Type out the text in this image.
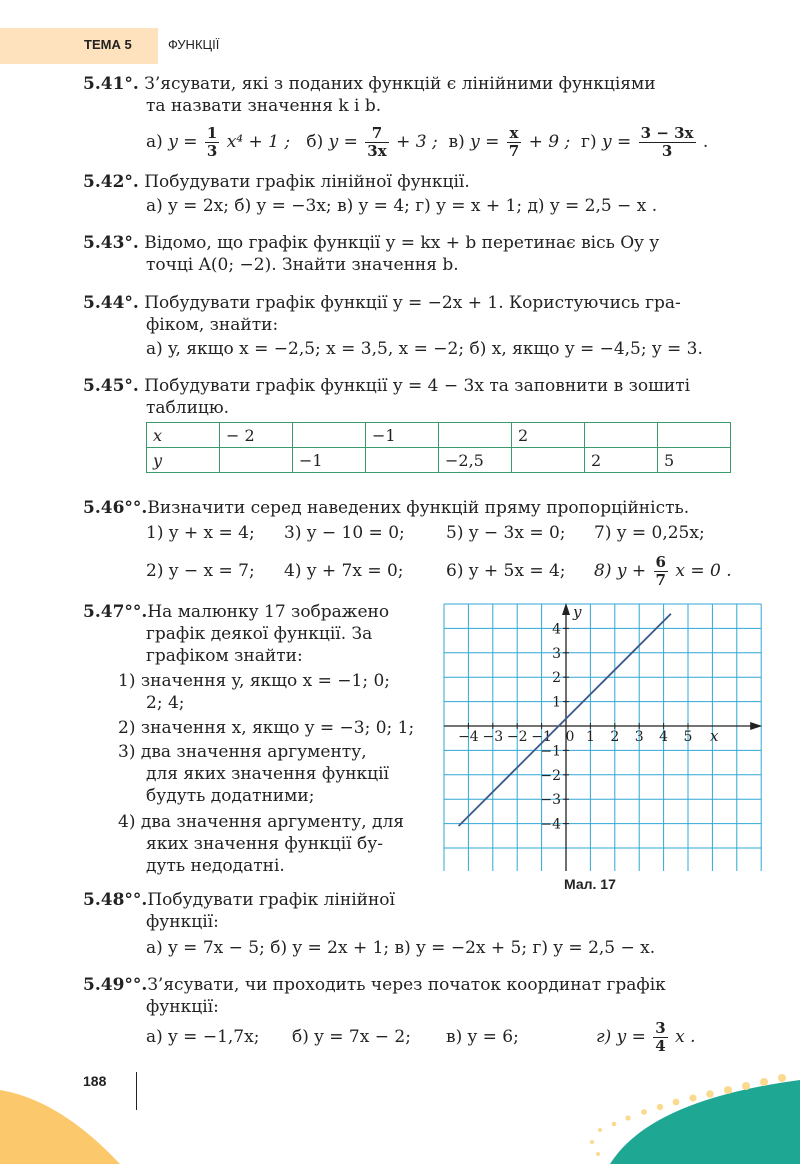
ТЕМА 5	ФУНКЦІЇ
5.41°. З’ясувати, які з поданих функцій є лінійними функціями
та назвати значення k і b.
а) $y = \frac{1}{3} x^4 + 1$ ; б) $y = \frac{7}{3x} + 3$ ; в) $y = \frac{x}{7} + 9$ ; г) $y = \frac{3 - 3x}{3}$ .
5.42°. Побудувати графік лінійної функції.
а) y = 2x; б) y = −3x; в) y = 4; г) y = x + 1; д) y = 2,5 − x .
5.43°. Відомо, що графік функції y = kx + b перетинає вісь Oy у
точці A(0; −2). Знайти значення b.
5.44°. Побудувати графік функції y = −2x + 1. Користуючись гра-
фіком, знайти:
а) y, якщо x = −2,5; x = 3,5, x = −2; б) x, якщо y = −4,5; y = 3.
5.45°. Побудувати графік функції y = 4 − 3x та заповнити в зошиті
таблицю.
x	− 2		−1		2		
y		−1		−2,5		2	5
5.46°°.Визначити серед наведених функцій пряму пропорційність.
1) y + x = 4; 3) y − 10 = 0; 5) y − 3x = 0; 7) y = 0,25x;
2) y − x = 7; 4) y + 7x = 0; 6) y + 5x = 4; 8) $y + \frac{6}{7}$ x = 0 .
5.47°°.На малюнку 17 зображено
графік деякої функції. За
графіком знайти:
1) значення y, якщо x = −1; 0;
2; 4;
2) значення x, якщо y = −3; 0; 1;
3) два значення аргументу,
для яких значення функції
будуть додатними;
4) два значення аргументу, для
яких значення функції бу-
дуть недодатні.
−4 −3 −2 −1 0 1 2 3 4 5
4
3
2
1
−1
−2
−3
−4
x
y
Мал. 17
5.48°°.Побудувати графік лінійної
функції:
а) y = 7x − 5; б) y = 2x + 1; в) y = −2x + 5; г) y = 2,5 − x.
5.49°°.З’ясувати, чи проходить через початок координат графік
функції:
а) y = −1,7x; б) y = 7x − 2; в) y = 6;	г) $y = \frac{3}{4}$ x .
188
